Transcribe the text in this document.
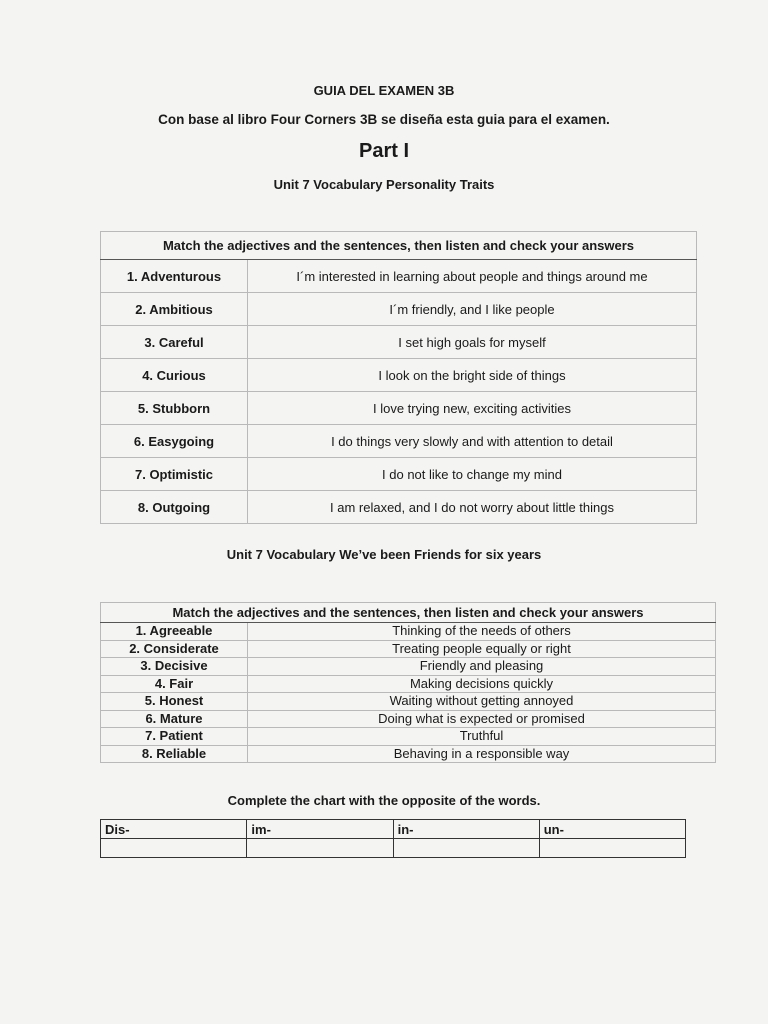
GUIA DEL EXAMEN 3B
Con base al libro Four Corners 3B se diseña esta guia para el examen.
Part I
Unit 7 Vocabulary Personality Traits
Match the adjectives and the sentences, then listen and check your answers	
1. Adventurous	I´m interested in learning about people and things around me
2. Ambitious	I´m friendly, and I like people
3. Careful	I set high goals for myself
4. Curious	I look on the bright side of things
5. Stubborn	I love trying new, exciting activities
6. Easygoing	I do things very slowly and with attention to detail
7. Optimistic	I do not like to change my mind
8. Outgoing	I am relaxed, and I do not worry about little things
Unit 7 Vocabulary We’ve been Friends for six years
Match the adjectives and the sentences, then listen and check your answers	
1. Agreeable	Thinking of the needs of others
2. Considerate	Treating people equally or right
3. Decisive	Friendly and pleasing
4. Fair	Making decisions quickly
5. Honest	Waiting without getting annoyed
6. Mature	Doing what is expected or promised
7. Patient	Truthful
8. Reliable	Behaving in a responsible way
Complete the chart with the opposite of the words.
Dis-	im-	in-	un-
